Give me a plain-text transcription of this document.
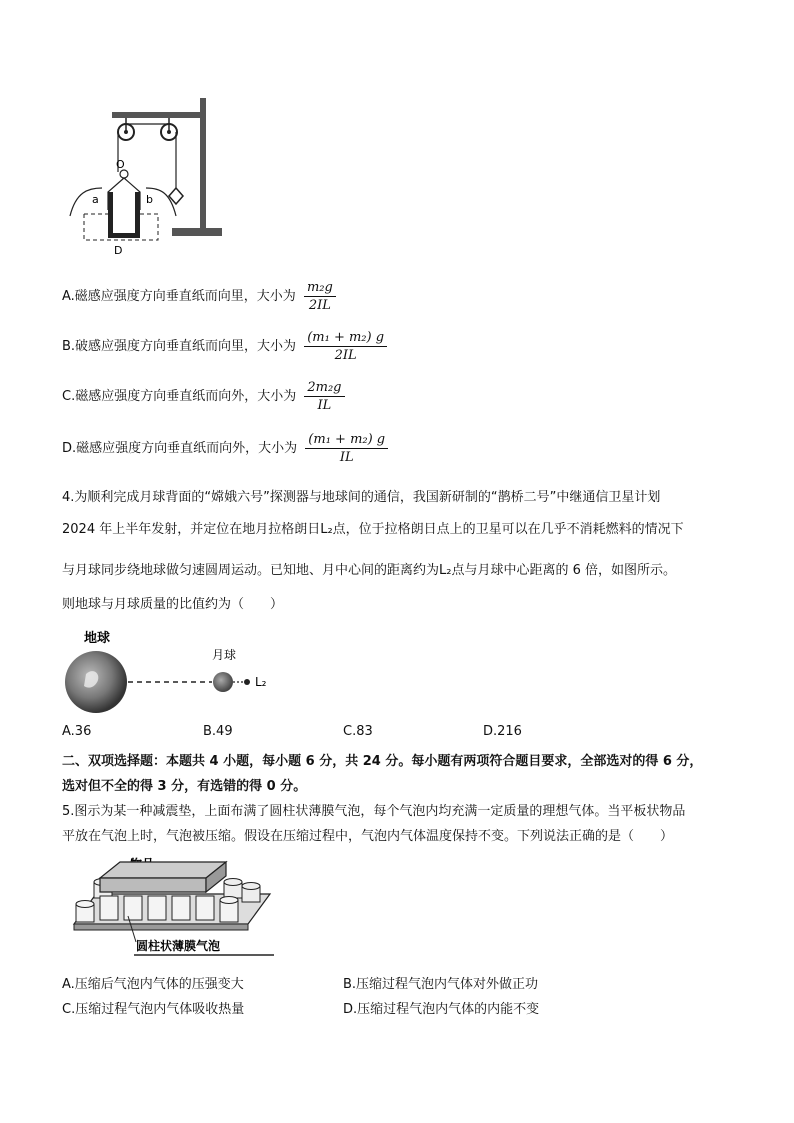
O
a	b
D
A.磁感应强度方向垂直纸而向里，大小为 $\frac{\text{m₂g}}{2IL}$
B.破感应强度方向垂直纸而向里，大小为 $\frac{\text{(m₁ + m₂) g}}{2IL}$
C.磁感应强度方向垂直纸而向外，大小为 $\frac{\text{2m₂g}}{IL}$
D.磁感应强度方向垂直纸而向外，大小为 $\frac{\text{(m₁ + m₂) g}}{IL}$
4.为顺利完成月球背面的“嫦娥六号”探测器与地球间的通信，我国新研制的“鹊桥二号”中继通信卫星计划
2024 年上半年发射，并定位在地月拉格朗日L₂点，位于拉格朗日点上的卫星可以在几乎不消耗燃料的情况下
与月球同步绕地球做匀速圆周运动。已知地、月中心间的距离约为L₂点与月球中心距离的 6 倍，如图所示。
则地球与月球质量的比值约为（　　）
地球
月球
L₂
A.36	B.49	C.83	D.216
二、双项选择题：本题共 4 小题，每小题 6 分，共 24 分。每小题有两项符合题目要求，全部选对的得 6 分，
选对但不全的得 3 分，有选错的得 0 分。
5.图示为某一种减震垫，上面布满了圆柱状薄膜气泡，每个气泡内均充满一定质量的理想气体。当平板状物品
平放在气泡上时，气泡被压缩。假设在压缩过程中，气泡内气体温度保持不变。下列说法正确的是（　　）
圆柱状薄膜气泡
A.压缩后气泡内气体的压强变大	B.压缩过程气泡内气体对外做正功
C.压缩过程气泡内气体吸收热量	D.压缩过程气泡内气体的内能不变
